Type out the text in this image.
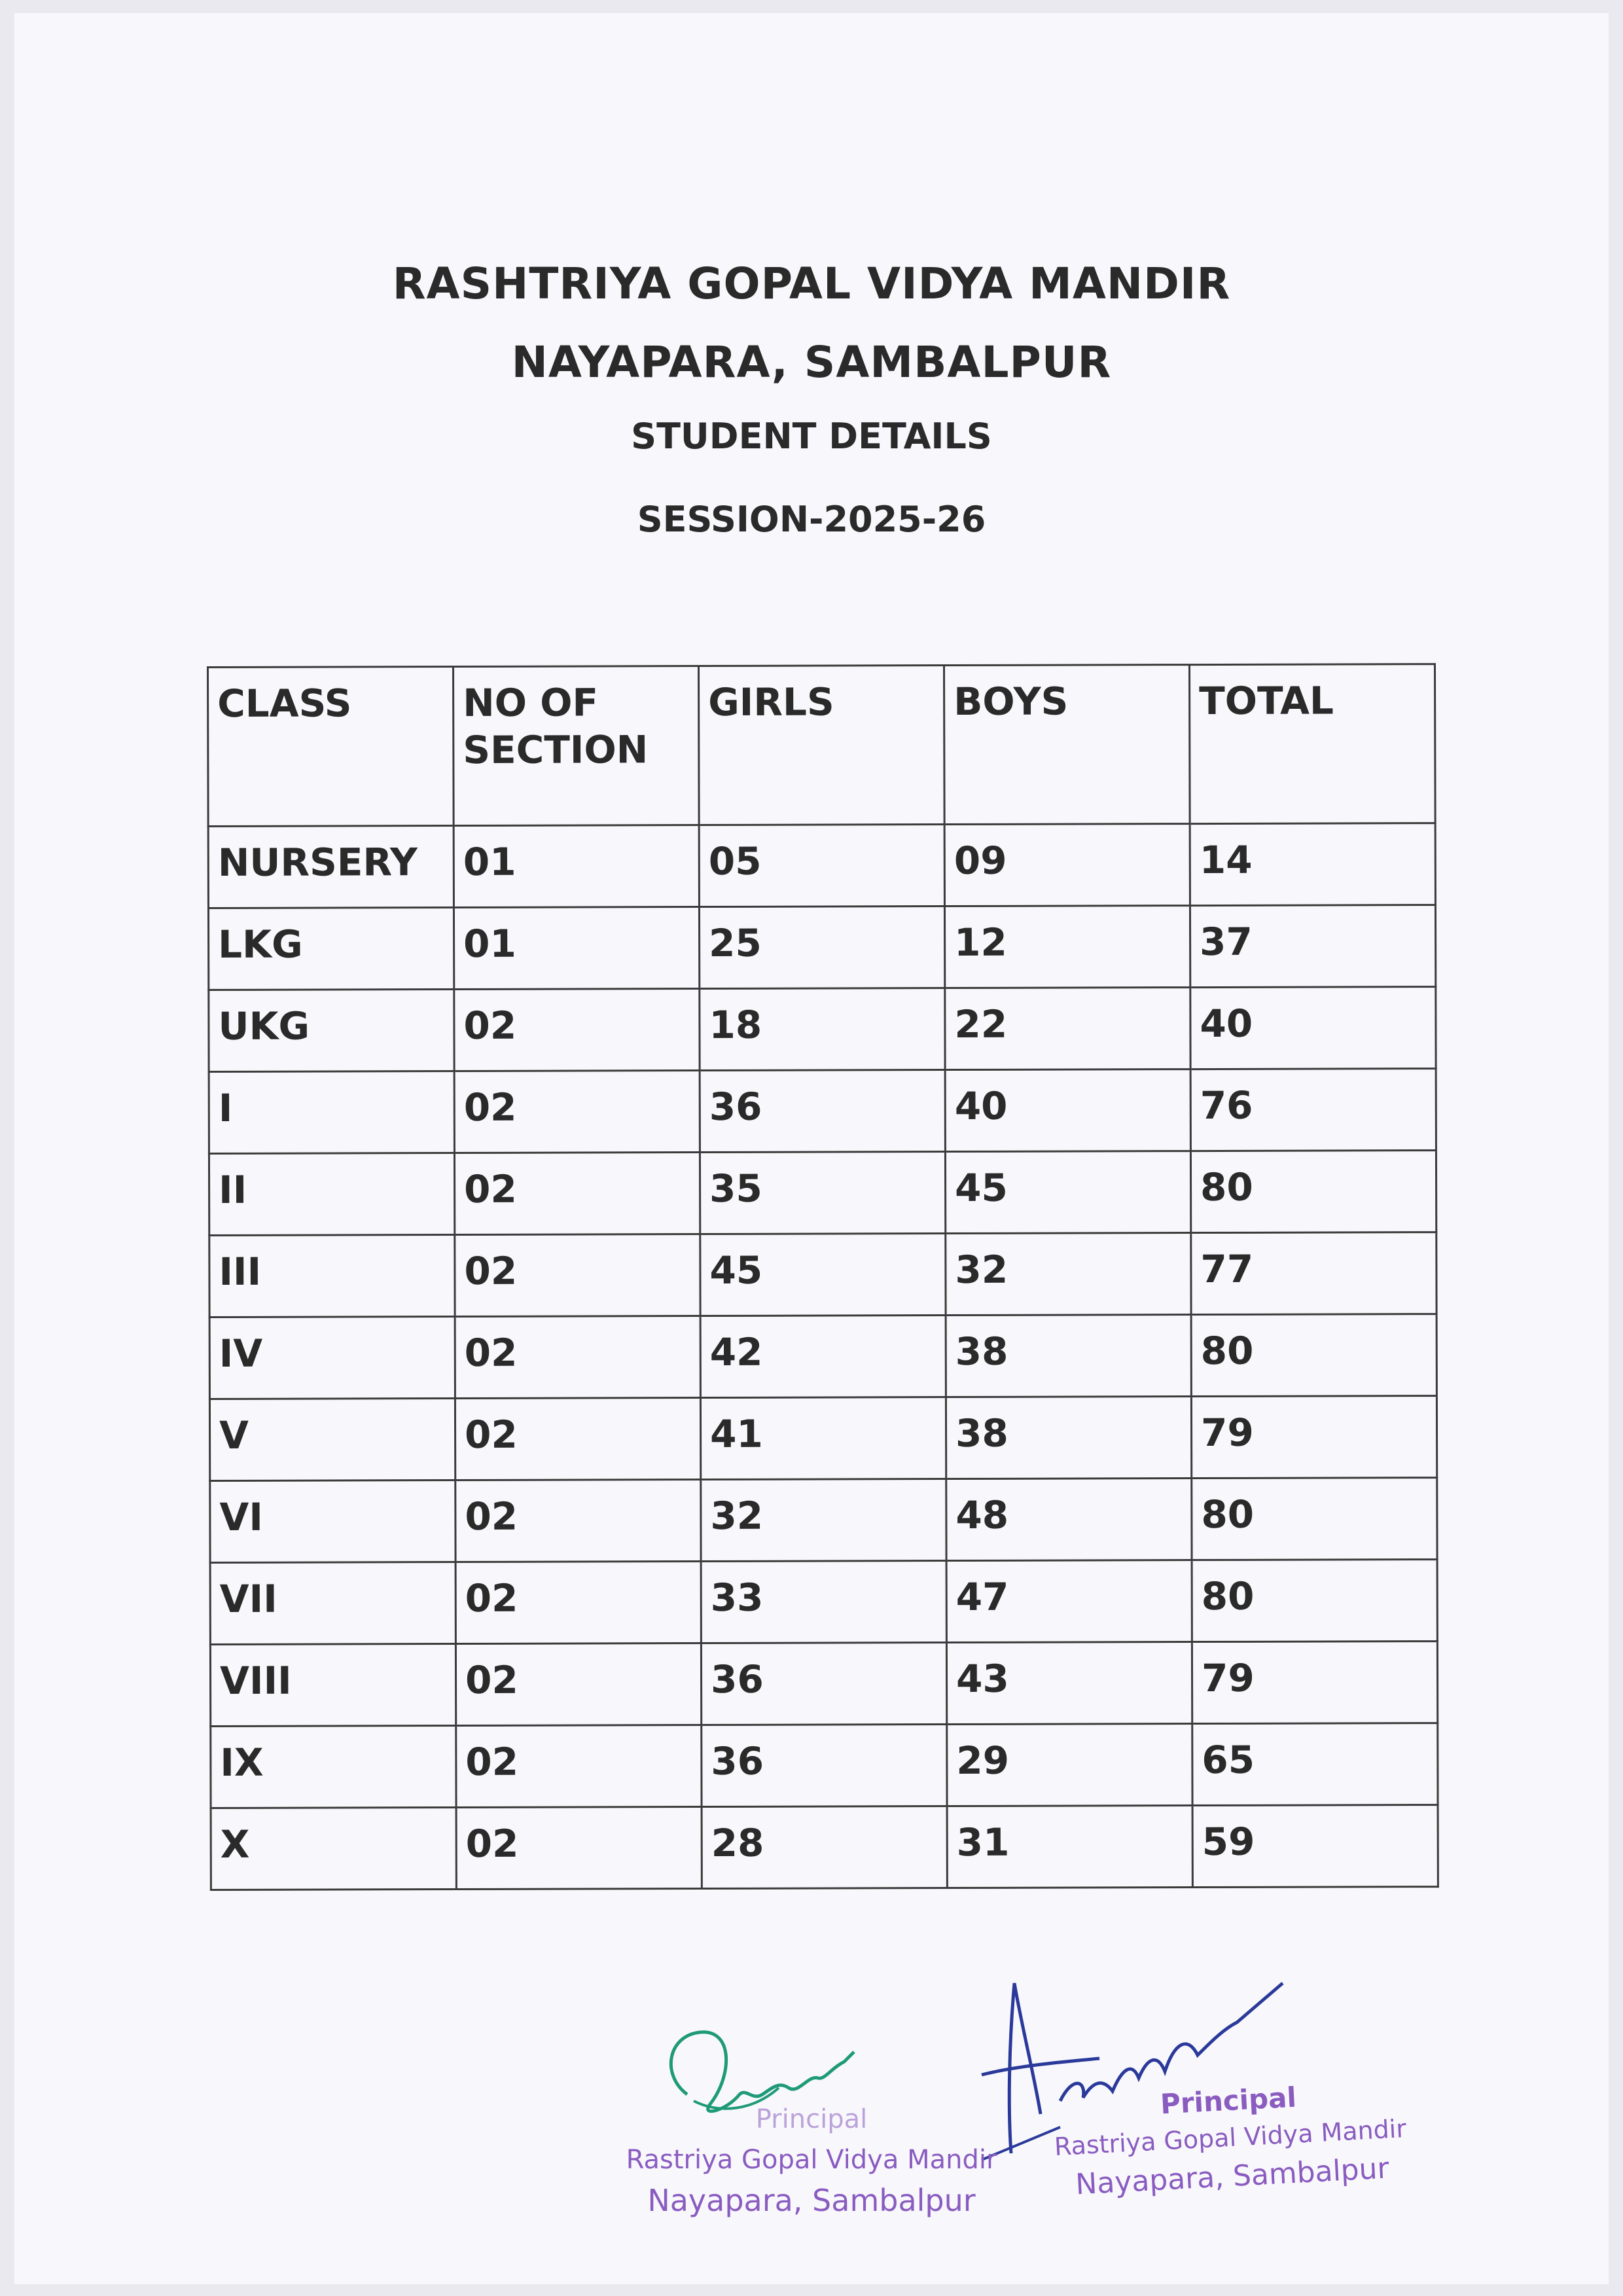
RASHTRIYA GOPAL VIDYA MANDIR
NAYAPARA, SAMBALPUR
STUDENT DETAILS
SESSION-2025-26
CLASS	NO OF SECTION	GIRLS	BOYS	TOTAL
NURSERY	01	05	09	14
LKG	01	25	12	37
UKG	02	18	22	40
I	02	36	40	76
II	02	35	45	80
III	02	45	32	77
IV	02	42	38	80
V	02	41	38	79
VI	02	32	48	80
VII	02	33	47	80
VIII	02	36	43	79
IX	02	36	29	65
X	02	28	31	59
Principal
Rastriya Gopal Vidya Mandir
Nayapara, Sambalpur
Principal
Rastriya Gopal Vidya Mandir
Nayapara, Sambalpur
